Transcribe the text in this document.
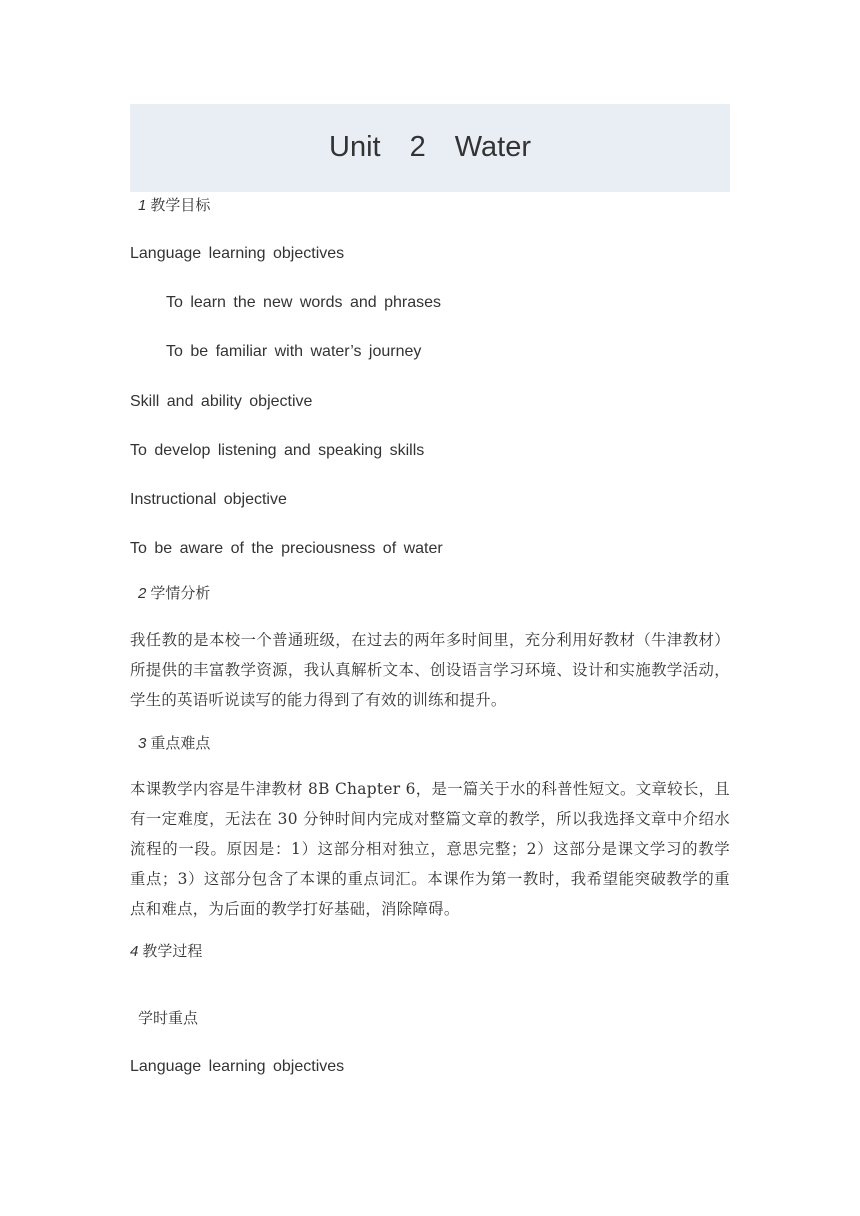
Unit　2　Water
1 教学目标
Language learning objectives
To learn the new words and phrases
To be familiar with water’s journey
Skill and ability objective
To develop listening and speaking skills
Instructional objective
To be aware of the preciousness of water
2 学情分析
我任教的是本校一个普通班级，在过去的两年多时间里，充分利用好教材（牛津教材）所提供的丰富教学资源，我认真解析文本、创设语言学习环境、设计和实施教学活动，学生的英语听说读写的能力得到了有效的训练和提升。
3 重点难点
本课教学内容是牛津教材 8B Chapter 6，是一篇关于水的科普性短文。文章较长，且有一定难度，无法在 30 分钟时间内完成对整篇文章的教学，所以我选择文章中介绍水流程的一段。原因是：1）这部分相对独立，意思完整；2）这部分是课文学习的教学重点；3）这部分包含了本课的重点词汇。本课作为第一教时，我希望能突破教学的重点和难点，为后面的教学打好基础，消除障碍。
4 教学过程
学时重点
Language learning objectives
